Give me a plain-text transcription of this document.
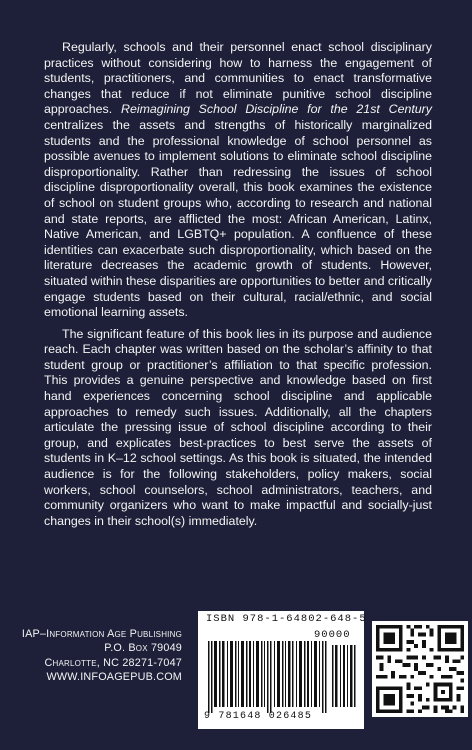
Regularly, schools and their personnel enact school disciplinary practices without considering how to harness the engagement of students, practitioners, and communities to enact transformative changes that reduce if not eliminate punitive school discipline approaches. Reimagining School Discipline for the 21st Century centralizes the assets and strengths of historically marginalized students and the professional knowledge of school personnel as possible avenues to implement solutions to eliminate school discipline disproportionality. Rather than redressing the issues of school discipline disproportionality overall, this book examines the existence of school on student groups who, according to research and national and state reports, are afflicted the most: African American, Latinx, Native American, and LGBTQ+ population. A confluence of these identities can exacerbate such disproportionality, which based on the literature decreases the academic growth of students. However, situated within these disparities are opportunities to better and critically engage students based on their cultural, racial/ethnic, and social emotional learning assets.

The significant feature of this book lies in its purpose and audience reach. Each chapter was written based on the scholar’s affinity to that student group or practitioner’s affiliation to that specific profession. This provides a genuine perspective and knowledge based on first hand experiences concerning school discipline and applicable approaches to remedy such issues. Additionally, all the chapters articulate the pressing issue of school discipline according to their group, and explicates best-practices to best serve the assets of students in K–12 school settings. As this book is situated, the intended audience is for the following stakeholders, policy makers, social workers, school counselors, school administrators, teachers, and community organizers who want to make impactful and socially-just changes in their school(s) immediately.

IAP–Information Age Publishing
P.O. Box 79049
Charlotte, NC 28271-7047
WWW.INFOAGEPUB.COM
ISBN 978-1-64802-648-5
90000
9 781648 026485
